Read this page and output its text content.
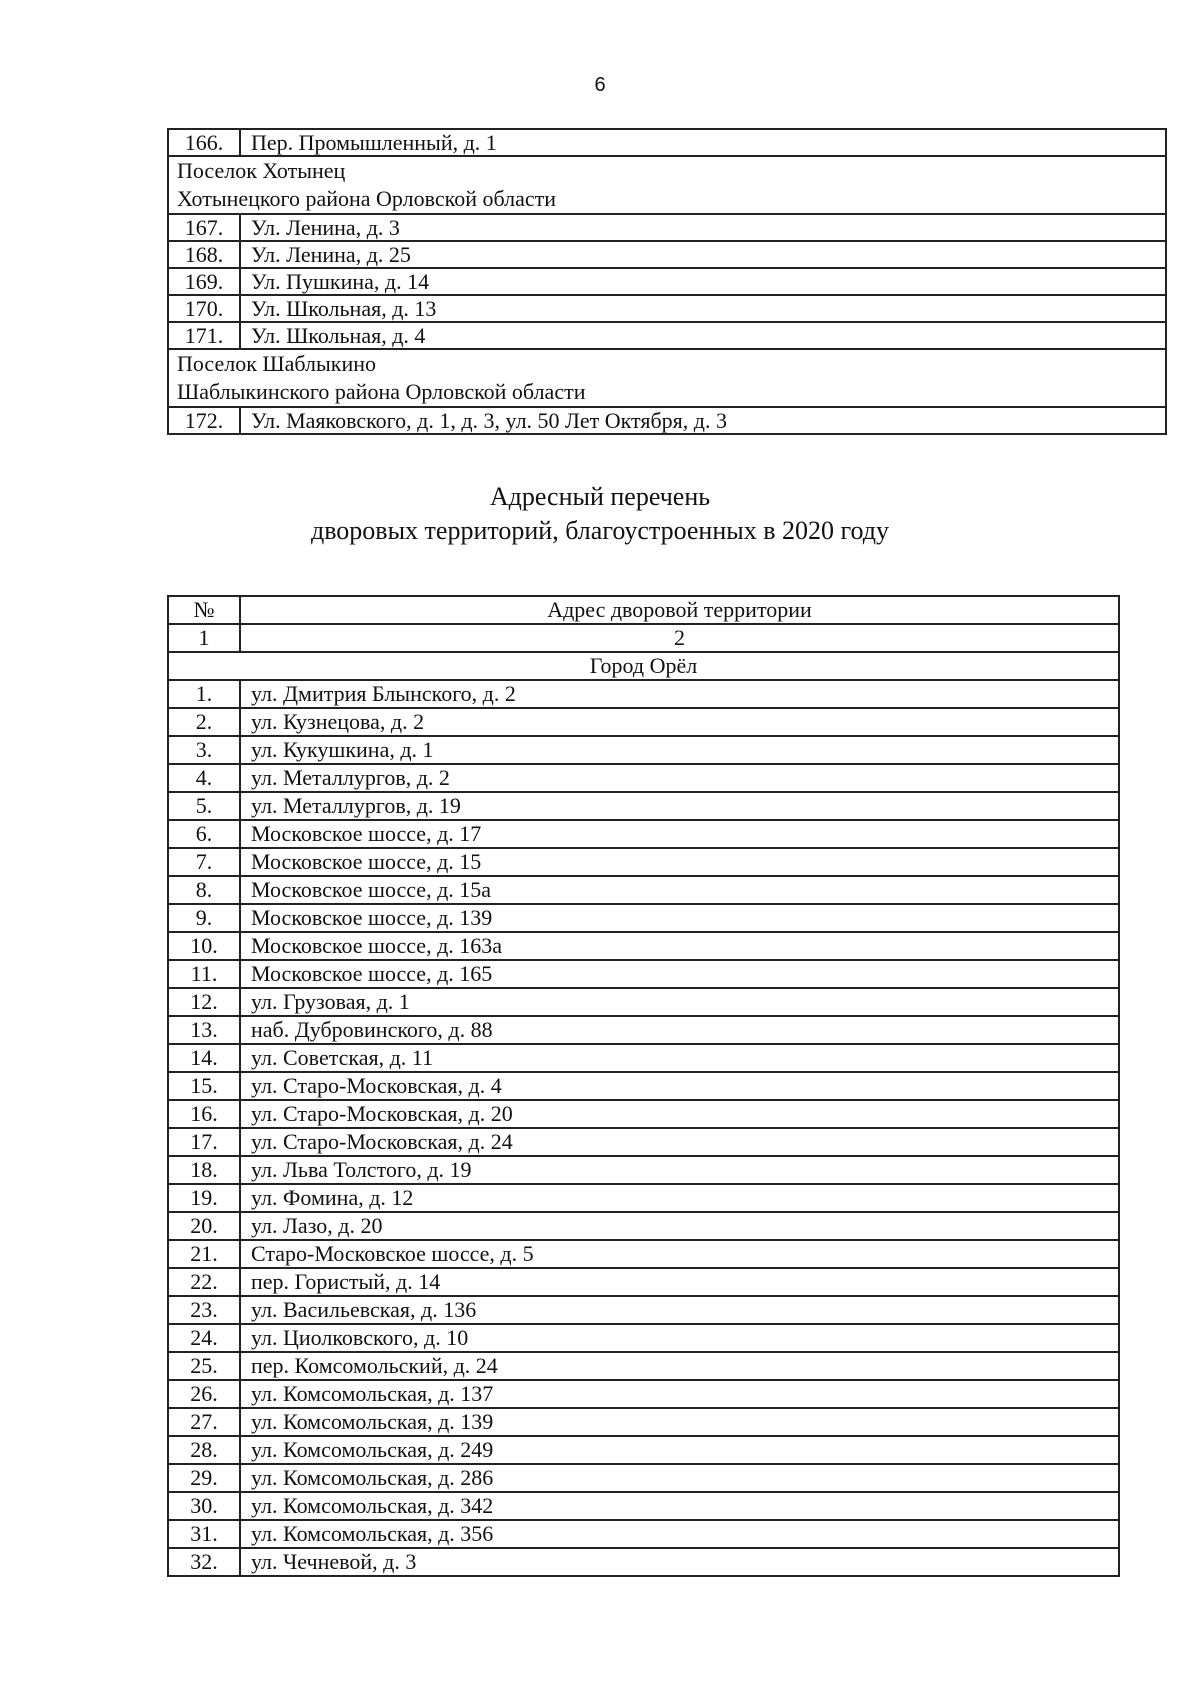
6
166.	Пер. Промышленный, д. 1

Поселок Хотынец
Хотынецкого района Орловской области	

167.	Ул. Ленина, д. 3
168.	Ул. Ленина, д. 25
169.	Ул. Пушкина, д. 14
170.	Ул. Школьная, д. 13
171.	Ул. Школьная, д. 4

Поселок Шаблыкино
Шаблыкинского района Орловской области	

172.	Ул. Маяковского, д. 1, д. 3, ул. 50 Лет Октября, д. 3
Адресный перечень
дворовых территорий, благоустроенных в 2020 году
№	Адрес дворовой территории
1	2
Город Орёл	
1.	ул. Дмитрия Блынского, д. 2
2.	ул. Кузнецова, д. 2
3.	ул. Кукушкина, д. 1
4.	ул. Металлургов, д. 2
5.	ул. Металлургов, д. 19
6.	Московское шоссе, д. 17
7.	Московское шоссе, д. 15
8.	Московское шоссе, д. 15а
9.	Московское шоссе, д. 139
10.	Московское шоссе, д. 163а
11.	Московское шоссе, д. 165
12.	ул. Грузовая, д. 1
13.	наб. Дубровинского, д. 88
14.	ул. Советская, д. 11
15.	ул. Старо-Московская, д. 4
16.	ул. Старо-Московская, д. 20
17.	ул. Старо-Московская, д. 24
18.	ул. Льва Толстого, д. 19
19.	ул. Фомина, д. 12
20.	ул. Лазо, д. 20
21.	Старо-Московское шоссе, д. 5
22.	пер. Гористый, д. 14
23.	ул. Васильевская, д. 136
24.	ул. Циолковского, д. 10
25.	пер. Комсомольский, д. 24
26.	ул. Комсомольская, д. 137
27.	ул. Комсомольская, д. 139
28.	ул. Комсомольская, д. 249
29.	ул. Комсомольская, д. 286
30.	ул. Комсомольская, д. 342
31.	ул. Комсомольская, д. 356
32.	ул. Чечневой, д. 3
